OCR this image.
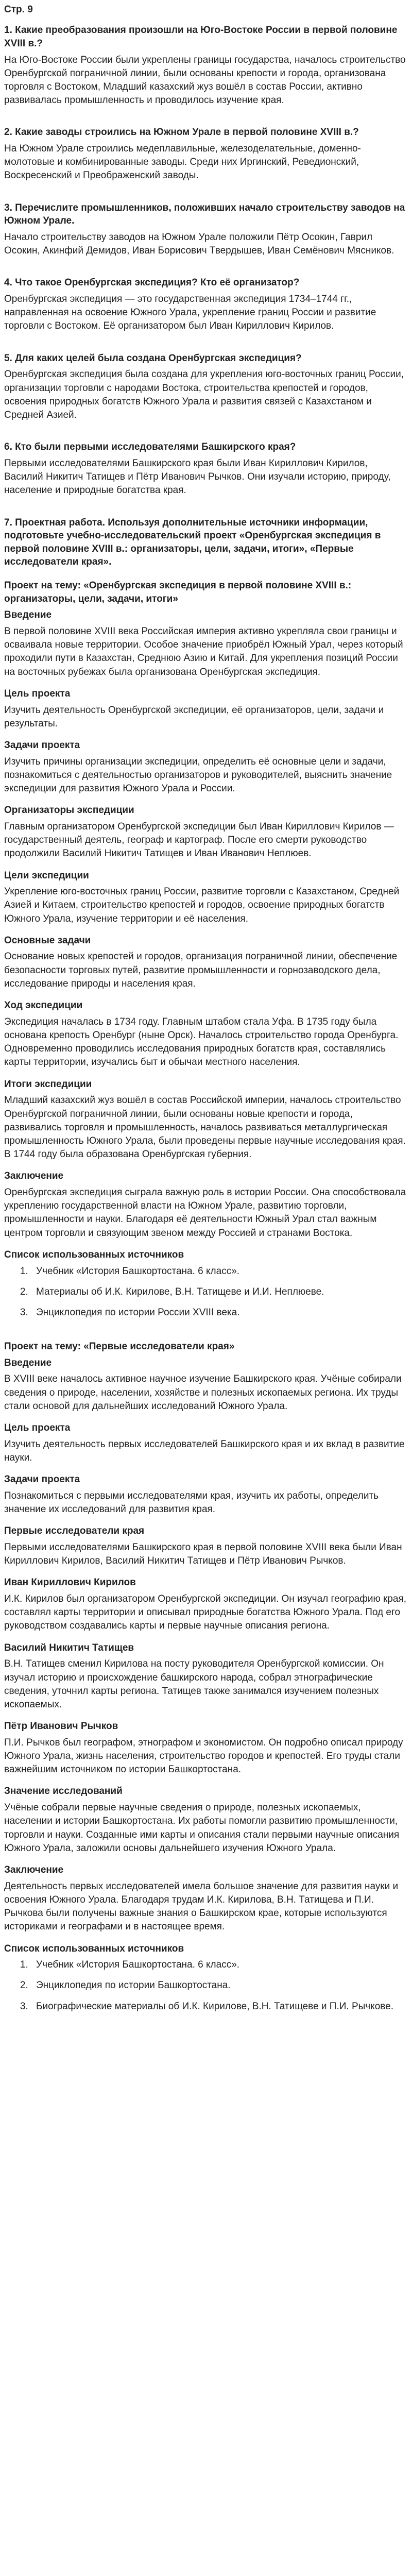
Стр. 9
1. Какие преобразования произошли на Юго-Востоке России в первой половине XVIII в.?

На Юго-Востоке России были укреплены границы государства, началось строительство Оренбургской пограничной линии, были основаны крепости и города, организована торговля с Востоком, Младший казахский жуз вошёл в состав России, активно развивалась промышленность и проводилось изучение края.

2. Какие заводы строились на Южном Урале в первой половине XVIII в.?

На Южном Урале строились медеплавильные, железоделательные, доменно-молотовые и комбинированные заводы. Среди них Иргинский, Реведионский, Воскресенский и Преображенский заводы.

3. Перечислите промышленников, положивших начало строительству заводов на Южном Урале.

Начало строительству заводов на Южном Урале положили Пётр Осокин, Гаврил Осокин, Акинфий Демидов, Иван Борисович Твердышев, Иван Семёнович Мясников.

4. Что такое Оренбургская экспедиция? Кто её организатор?

Оренбургская экспедиция — это государственная экспедиция 1734–1744 гг., направленная на освоение Южного Урала, укрепление границ России и развитие торговли с Востоком. Её организатором был Иван Кириллович Кирилов.

5. Для каких целей была создана Оренбургская экспедиция?

Оренбургская экспедиция была создана для укрепления юго-восточных границ России, организации торговли с народами Востока, строительства крепостей и городов, освоения природных богатств Южного Урала и развития связей с Казахстаном и Средней Азией.

6. Кто были первыми исследователями Башкирского края?

Первыми исследователями Башкирского края были Иван Кириллович Кирилов, Василий Никитич Татищев и Пётр Иванович Рычков. Они изучали историю, природу, население и природные богатства края.

7. Проектная работа. Используя дополнительные источники информации, подготовьте учебно-исследовательский проект «Оренбургская экспедиция в первой половине XVIII в.: организаторы, цели, задачи, итоги», «Первые исследователи края».
Проект на тему: «Оренбургская экспедиция в первой половине XVIII в.: организаторы, цели, задачи, итоги»
Введение

В первой половине XVIII века Российская империя активно укрепляла свои границы и осваивала новые территории. Особое значение приобрёл Южный Урал, через который проходили пути в Казахстан, Среднюю Азию и Китай. Для укрепления позиций России на восточных рубежах была организована Оренбургская экспедиция.

Цель проекта

Изучить деятельность Оренбургской экспедиции, её организаторов, цели, задачи и результаты.

Задачи проекта

Изучить причины организации экспедиции, определить её основные цели и задачи, познакомиться с деятельностью организаторов и руководителей, выяснить значение экспедиции для развития Южного Урала и России.

Организаторы экспедиции

Главным организатором Оренбургской экспедиции был Иван Кириллович Кирилов — государственный деятель, географ и картограф. После его смерти руководство продолжили Василий Никитич Татищев и Иван Иванович Неплюев.

Цели экспедиции

Укрепление юго-восточных границ России, развитие торговли с Казахстаном, Средней Азией и Китаем, строительство крепостей и городов, освоение природных богатств Южного Урала, изучение территории и её населения.

Основные задачи

Основание новых крепостей и городов, организация пограничной линии, обеспечение безопасности торговых путей, развитие промышленности и горнозаводского дела, исследование природы и населения края.

Ход экспедиции

Экспедиция началась в 1734 году. Главным штабом стала Уфа. В 1735 году была основана крепость Оренбург (ныне Орск). Началось строительство города Оренбурга. Одновременно проводились исследования природных богатств края, составлялись карты территории, изучались быт и обычаи местного населения.

Итоги экспедиции

Младший казахский жуз вошёл в состав Российской империи, началось строительство Оренбургской пограничной линии, были основаны новые крепости и города, развивались торговля и промышленность, началось развиваться металлургическая промышленность Южного Урала, были проведены первые научные исследования края. В 1744 году была образована Оренбургская губерния.

Заключение

Оренбургская экспедиция сыграла важную роль в истории России. Она способствовала укреплению государственной власти на Южном Урале, развитию торговли, промышленности и науки. Благодаря её деятельности Южный Урал стал важным центром торговли и связующим звеном между Россией и странами Востока.

Список использованных источников
1. Учебник «История Башкортостана. 6 класс».
2. Материалы об И.К. Кирилове, В.Н. Татищеве и И.И. Неплюеве.
3. Энциклопедия по истории России XVIII века.
Проект на тему: «Первые исследователи края»
Введение

В XVIII веке началось активное научное изучение Башкирского края. Учёные собирали сведения о природе, населении, хозяйстве и полезных ископаемых региона. Их труды стали основой для дальнейших исследований Южного Урала.

Цель проекта

Изучить деятельность первых исследователей Башкирского края и их вклад в развитие науки.

Задачи проекта

Познакомиться с первыми исследователями края, изучить их работы, определить значение их исследований для развития края.

Первые исследователи края

Первыми исследователями Башкирского края в первой половине XVIII века были Иван Кириллович Кирилов, Василий Никитич Татищев и Пётр Иванович Рычков.

Иван Кириллович Кирилов

И.К. Кирилов был организатором Оренбургской экспедиции. Он изучал географию края, составлял карты территории и описывал природные богатства Южного Урала. Под его руководством создавались карты и первые научные описания региона.

Василий Никитич Татищев

В.Н. Татищев сменил Кирилова на посту руководителя Оренбургской комиссии. Он изучал историю и происхождение башкирского народа, собрал этнографические сведения, уточнил карты региона. Татищев также занимался изучением полезных ископаемых.

Пётр Иванович Рычков

П.И. Рычков был географом, этнографом и экономистом. Он подробно описал природу Южного Урала, жизнь населения, строительство городов и крепостей. Его труды стали важнейшим источником по истории Башкортостана.

Значение исследований

Учёные собрали первые научные сведения о природе, полезных ископаемых, населении и истории Башкортостана. Их работы помогли развитию промышленности, торговли и науки. Созданные ими карты и описания стали первыми научные описания Южного Урала, заложили основы дальнейшего изучения Южного Урала.

Заключение

Деятельность первых исследователей имела большое значение для развития науки и освоения Южного Урала. Благодаря трудам И.К. Кирилова, В.Н. Татищева и П.И. Рычкова были получены важные знания о Башкирском крае, которые используются историками и географами и в настоящее время.

Список использованных источников
1. Учебник «История Башкортостана. 6 класс».
2. Энциклопедия по истории Башкортостана.
3. Биографические материалы об И.К. Кирилове, В.Н. Татищеве и П.И. Рычкове.
